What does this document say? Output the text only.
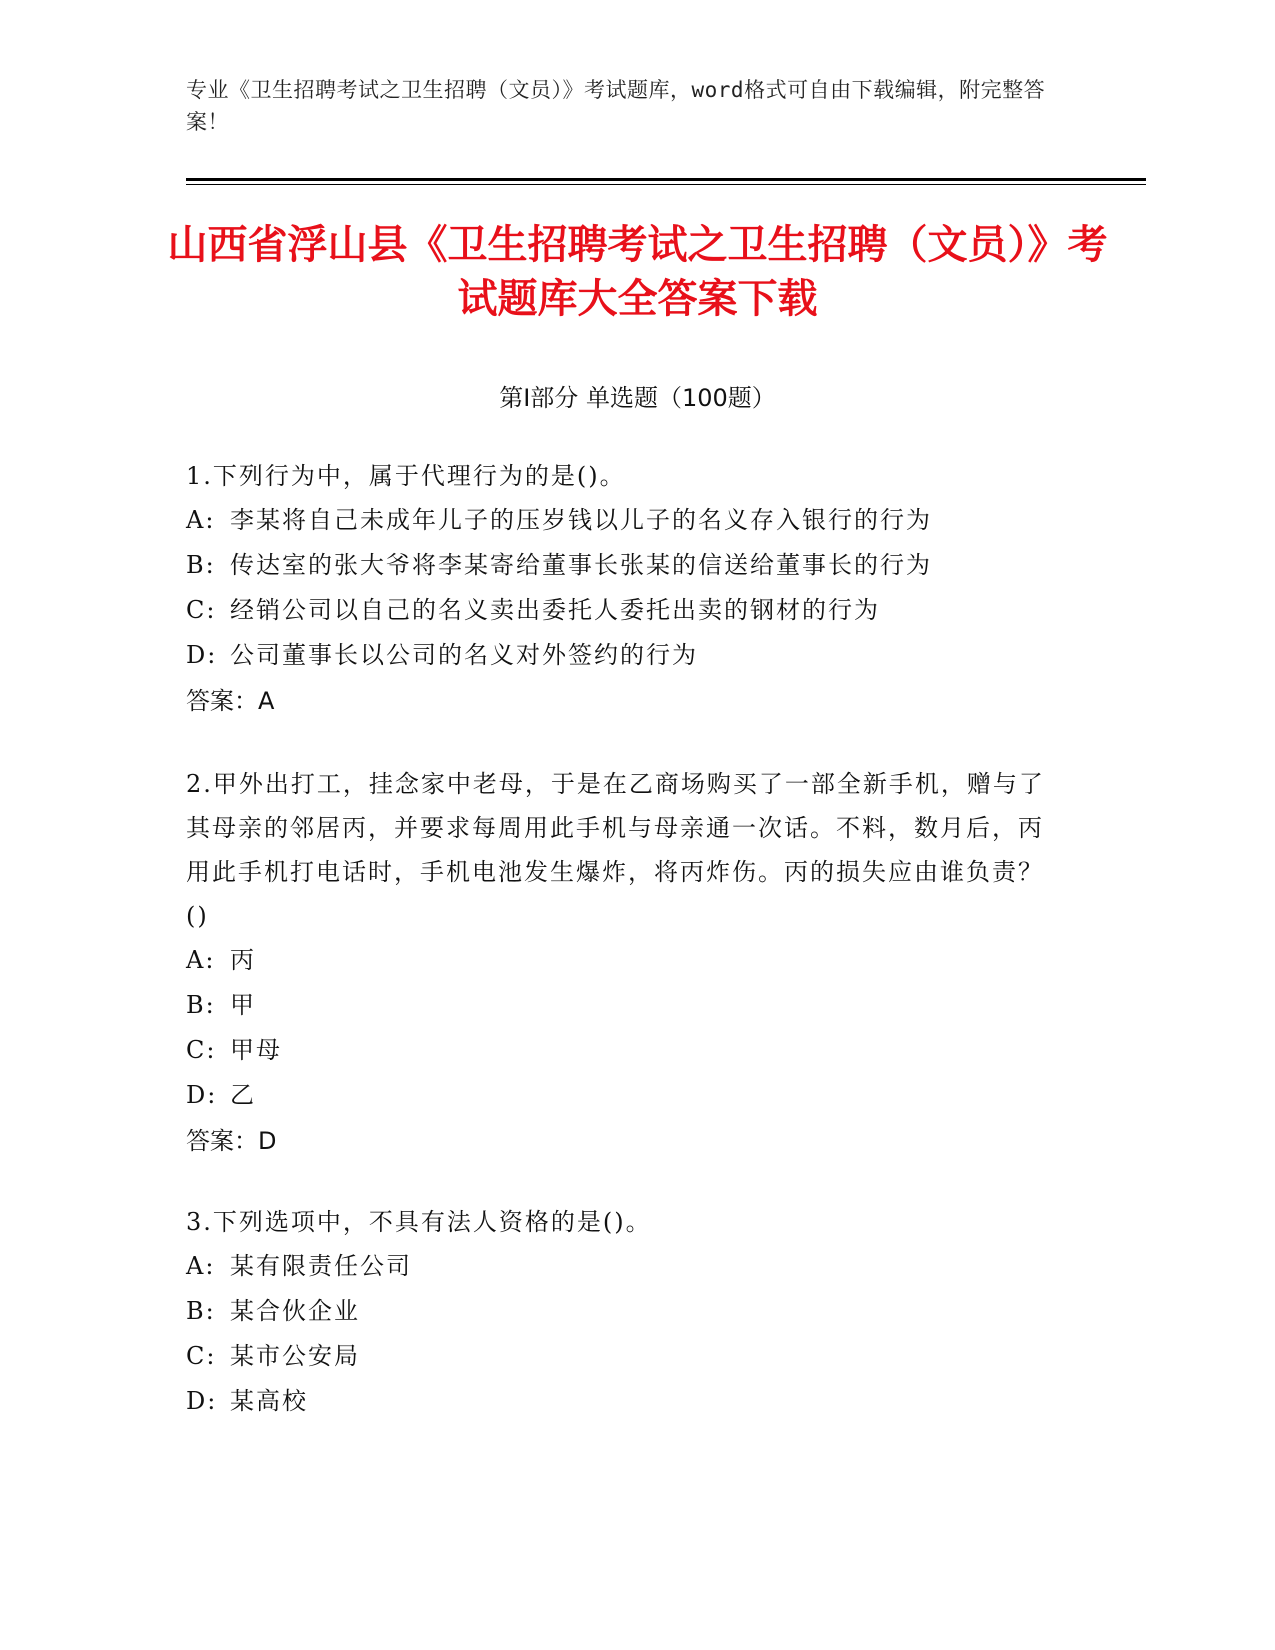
专业《卫生招聘考试之卫生招聘（文员）》考试题库，word格式可自由下载编辑，附完整答案！
山西省浮山县《卫生招聘考试之卫生招聘（文员）》考试题库大全答案下载
第Ⅰ部分 单选题（100题）

1.下列行为中，属于代理行为的是()。

A: 李某将自己未成年儿子的压岁钱以儿子的名义存入银行的行为
B: 传达室的张大爷将李某寄给董事长张某的信送给董事长的行为
C: 经销公司以自己的名义卖出委托人委托出卖的钢材的行为
D: 公司董事长以公司的名义对外签约的行为

答案：A

2.甲外出打工，挂念家中老母，于是在乙商场购买了一部全新手机，赠与了其母亲的邻居丙，并要求每周用此手机与母亲通一次话。不料，数月后，丙用此手机打电话时，手机电池发生爆炸，将丙炸伤。丙的损失应由谁负责？()

A: 丙
B: 甲
C: 甲母
D: 乙

答案：D

3.下列选项中，不具有法人资格的是()。

A: 某有限责任公司
B: 某合伙企业
C: 某市公安局
D: 某高校
